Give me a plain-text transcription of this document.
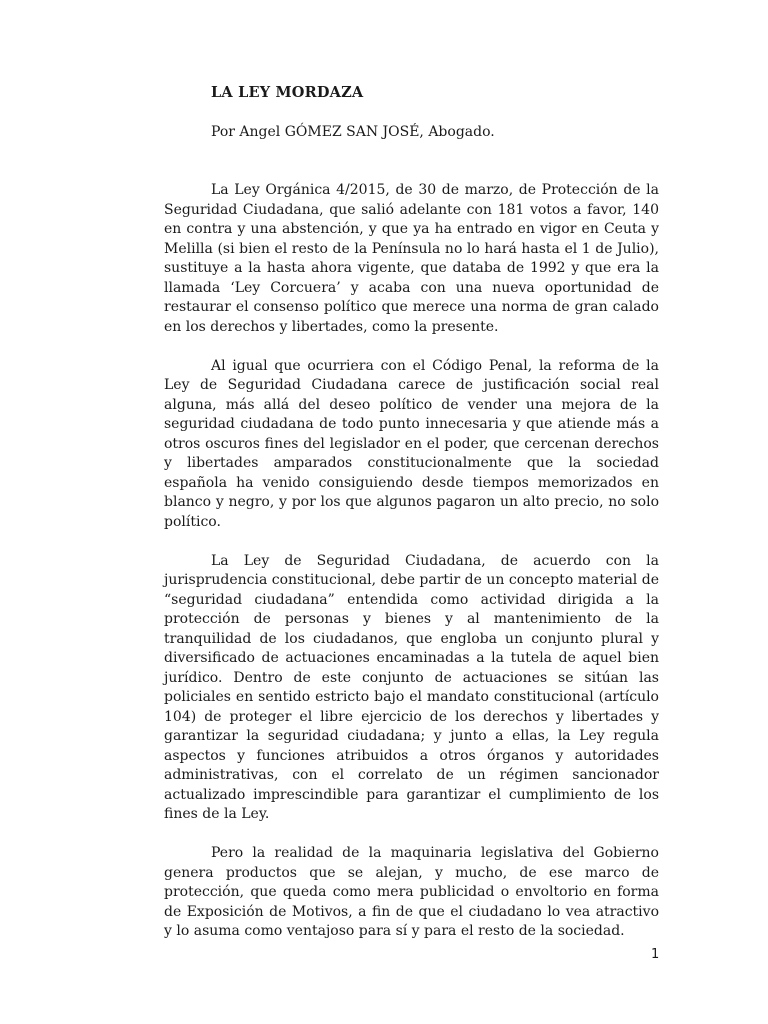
LA LEY MORDAZA
Por Angel GÓMEZ SAN JOSÉ, Abogado.

La Ley Orgánica 4/2015, de 30 de marzo, de Protección de la Seguridad Ciudadana, que salió adelante con 181 votos a favor, 140 en contra y una abstención, y que ya ha entrado en vigor en Ceuta y Melilla (si bien el resto de la Península no lo hará hasta el 1 de Julio), sustituye a la hasta ahora vigente, que databa de 1992 y que era la llamada ‘Ley Corcuera’ y acaba con una nueva oportunidad de restaurar el consenso político que merece una norma de gran calado en los derechos y libertades, como la presente.

Al igual que ocurriera con el Código Penal, la reforma de la Ley de Seguridad Ciudadana carece de justificación social real alguna, más allá del deseo político de vender una mejora de la seguridad ciudadana de todo punto innecesaria y que atiende más a otros oscuros fines del legislador en el poder, que cercenan derechos y libertades amparados constitucionalmente que la sociedad española ha venido consiguiendo desde tiempos memorizados en blanco y negro, y por los que algunos pagaron un alto precio, no solo político.

La Ley de Seguridad Ciudadana, de acuerdo con la jurisprudencia constitucional, debe partir de un concepto material de “seguridad ciudadana” entendida como actividad dirigida a la protección de personas y bienes y al mantenimiento de la tranquilidad de los ciudadanos, que engloba un conjunto plural y diversificado de actuaciones encaminadas a la tutela de aquel bien jurídico. Dentro de este conjunto de actuaciones se sitúan las policiales en sentido estricto bajo el mandato constitucional (artículo 104) de proteger el libre ejercicio de los derechos y libertades y garantizar la seguridad ciudadana; y junto a ellas, la Ley regula aspectos y funciones atribuidos a otros órganos y autoridades administrativas, con el correlato de un régimen sancionador actualizado imprescindible para garantizar el cumplimiento de los fines de la Ley.

Pero la realidad de la maquinaria legislativa del Gobierno genera productos que se alejan, y mucho, de ese marco de protección, que queda como mera publicidad o envoltorio en forma de Exposición de Motivos, a fin de que el ciudadano lo vea atractivo y lo asuma como ventajoso para sí y para el resto de la sociedad.

1
